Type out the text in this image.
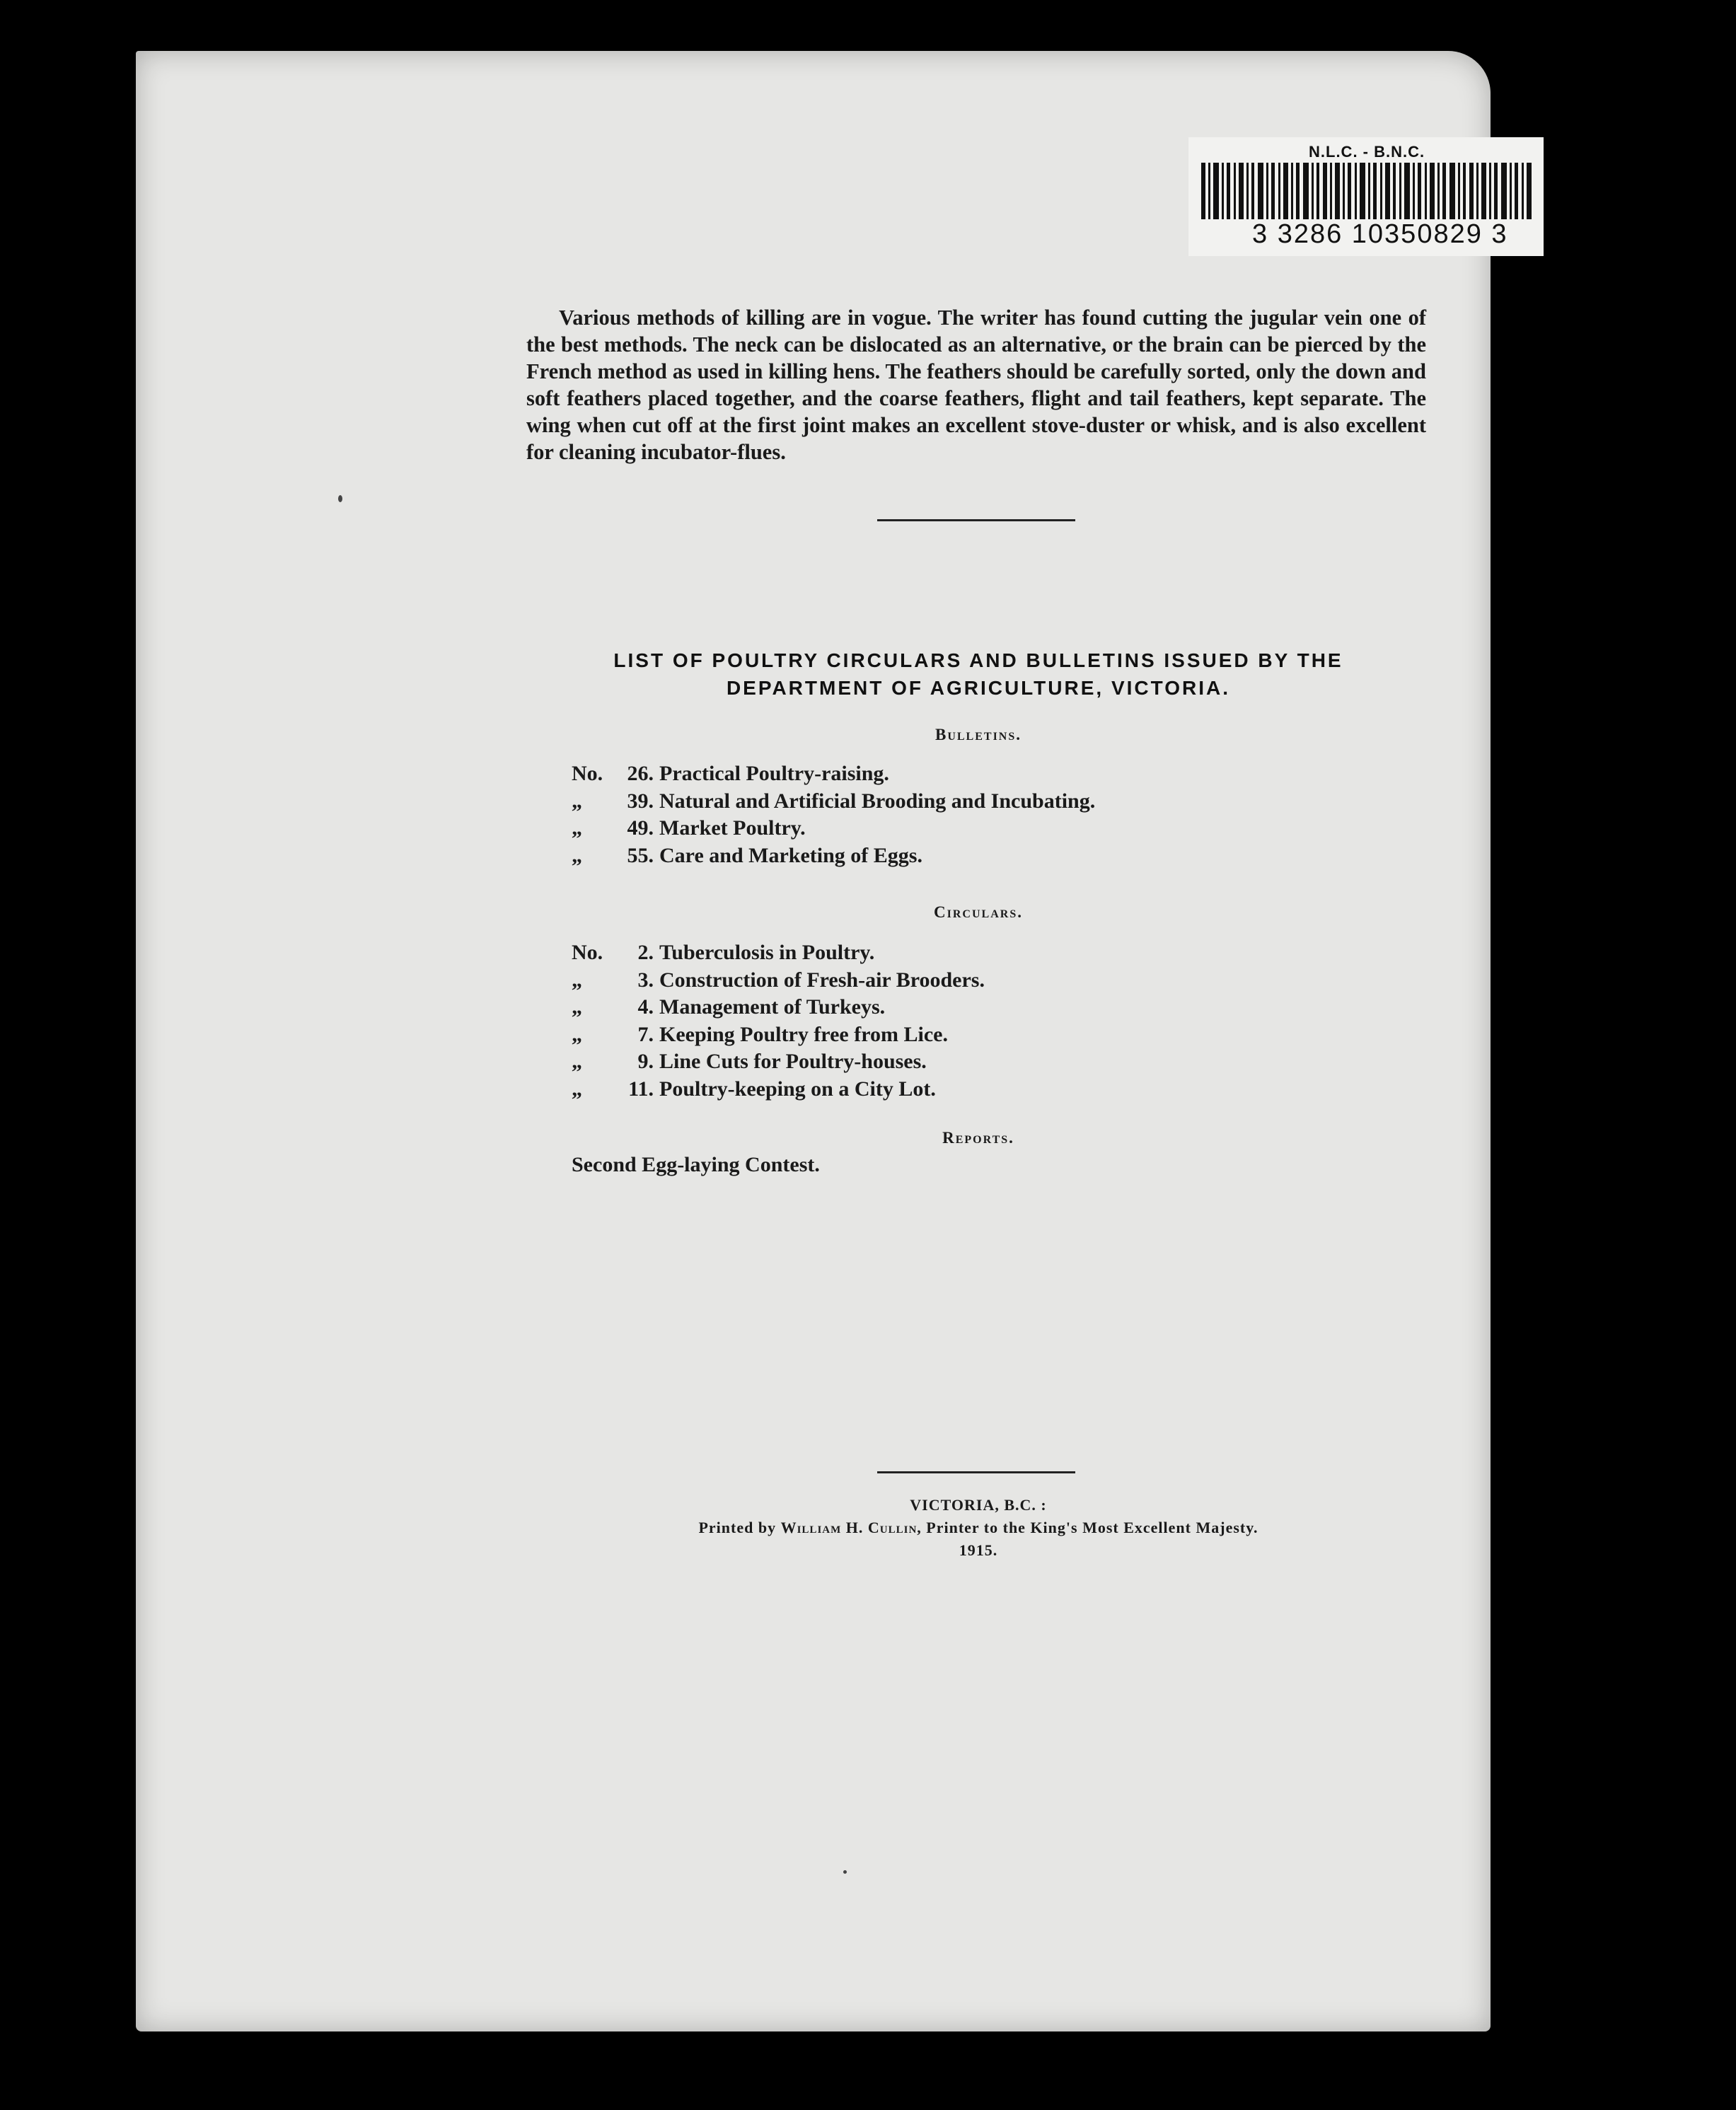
N.L.C. - B.N.C.
3 3286 10350829 3

Various methods of killing are in vogue. The writer has found cutting the jugular vein one of the best methods. The neck can be dislocated as an alternative, or the brain can be pierced by the French method as used in killing hens. The feathers should be carefully sorted, only the down and soft feathers placed together, and the coarse feathers, flight and tail feathers, kept separate. The wing when cut off at the first joint makes an excellent stove-duster or whisk, and is also excellent for cleaning incubator-flues.

LIST OF POULTRY CIRCULARS AND BULLETINS ISSUED BY THE
DEPARTMENT OF AGRICULTURE, VICTORIA.
Bulletins.
No. 26. Practical Poultry-raising.
„ 39. Natural and Artificial Brooding and Incubating.
„ 49. Market Poultry.
„ 55. Care and Marketing of Eggs.
Circulars.
No. 2. Tuberculosis in Poultry.
„	3. Construction of Fresh-air Brooders.
„	4. Management of Turkeys.
„	7. Keeping Poultry free from Lice.
„	9. Line Cuts for Poultry-houses.
„ 11. Poultry-keeping on a City Lot.
Reports.
Second Egg-laying Contest.
VICTORIA, B.C. :
Printed by William H. Cullin, Printer to the King's Most Excellent Majesty.
1915.
